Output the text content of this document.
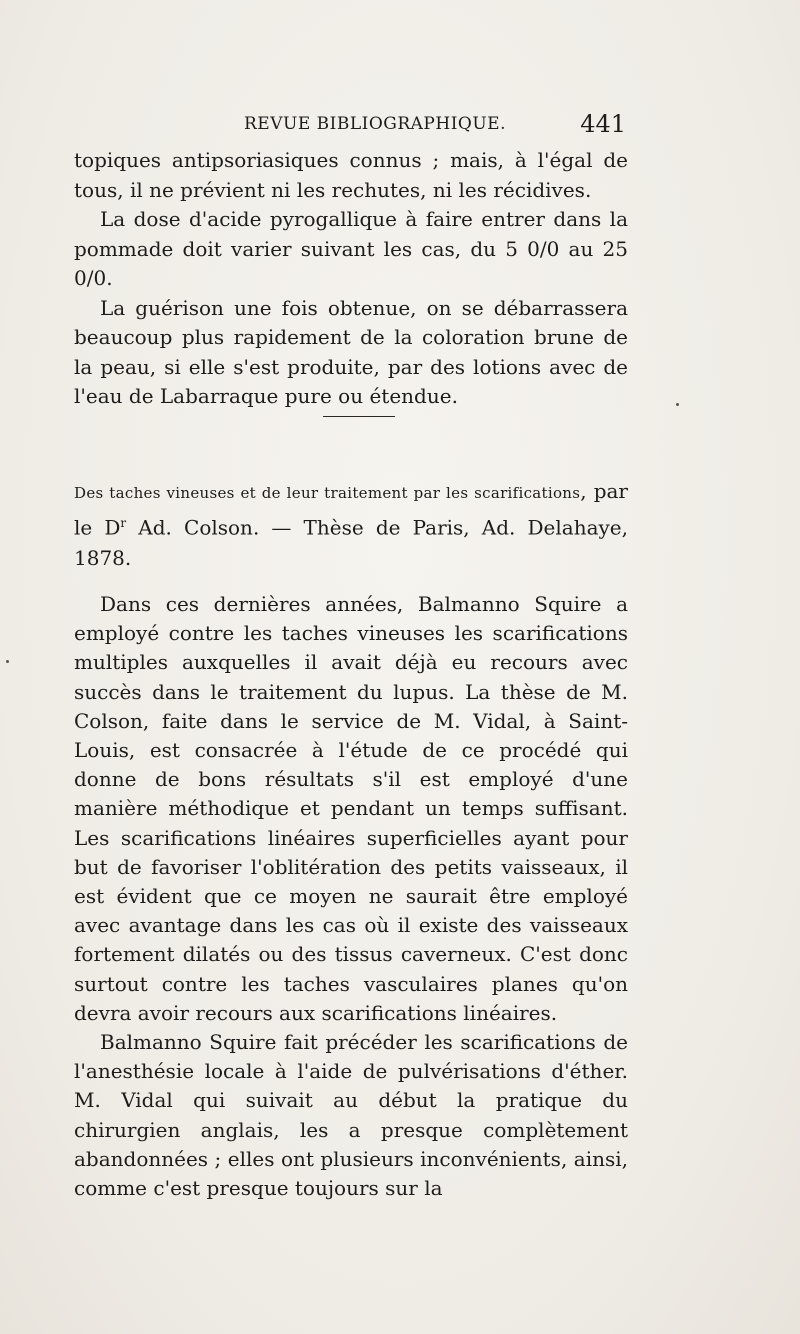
REVUE BIBLIOGRAPHIQUE.	441

topiques antipsoriasiques connus ; mais, à l'égal de tous, il ne prévient ni les rechutes, ni les récidives.

La dose d'acide pyrogallique à faire entrer dans la pommade doit varier suivant les cas, du 5 0/0 au 25 0/0.

La guérison une fois obtenue, on se débarrassera beaucoup plus rapidement de la coloration brune de la peau, si elle s'est produite, par des lotions avec de l'eau de Labarraque pure ou étendue.

Des taches vineuses et de leur traitement par les scarifications, par le $D^r$ Ad. Colson. — Thèse de Paris, Ad. Delahaye, 1878.

Dans ces dernières années, Balmanno Squire a employé contre les taches vineuses les scarifications multiples auxquelles il avait déjà eu recours avec succès dans le traitement du lupus. La thèse de M. Colson, faite dans le service de M. Vidal, à Saint-Louis, est consacrée à l'étude de ce procédé qui donne de bons résultats s'il est employé d'une manière méthodique et pendant un temps suffisant. Les scarifications linéaires superficielles ayant pour but de favoriser l'oblitération des petits vaisseaux, il est évident que ce moyen ne saurait être employé avec avantage dans les cas où il existe des vaisseaux fortement dilatés ou des tissus caverneux. C'est donc surtout contre les taches vasculaires planes qu'on devra avoir recours aux scarifications linéaires.

Balmanno Squire fait précéder les scarifications de l'anesthésie locale à l'aide de pulvérisations d'éther. M. Vidal qui suivait au début la pratique du chirurgien anglais, les a presque complètement abandonnées ; elles ont plusieurs inconvénients, ainsi, comme c'est presque toujours sur la
